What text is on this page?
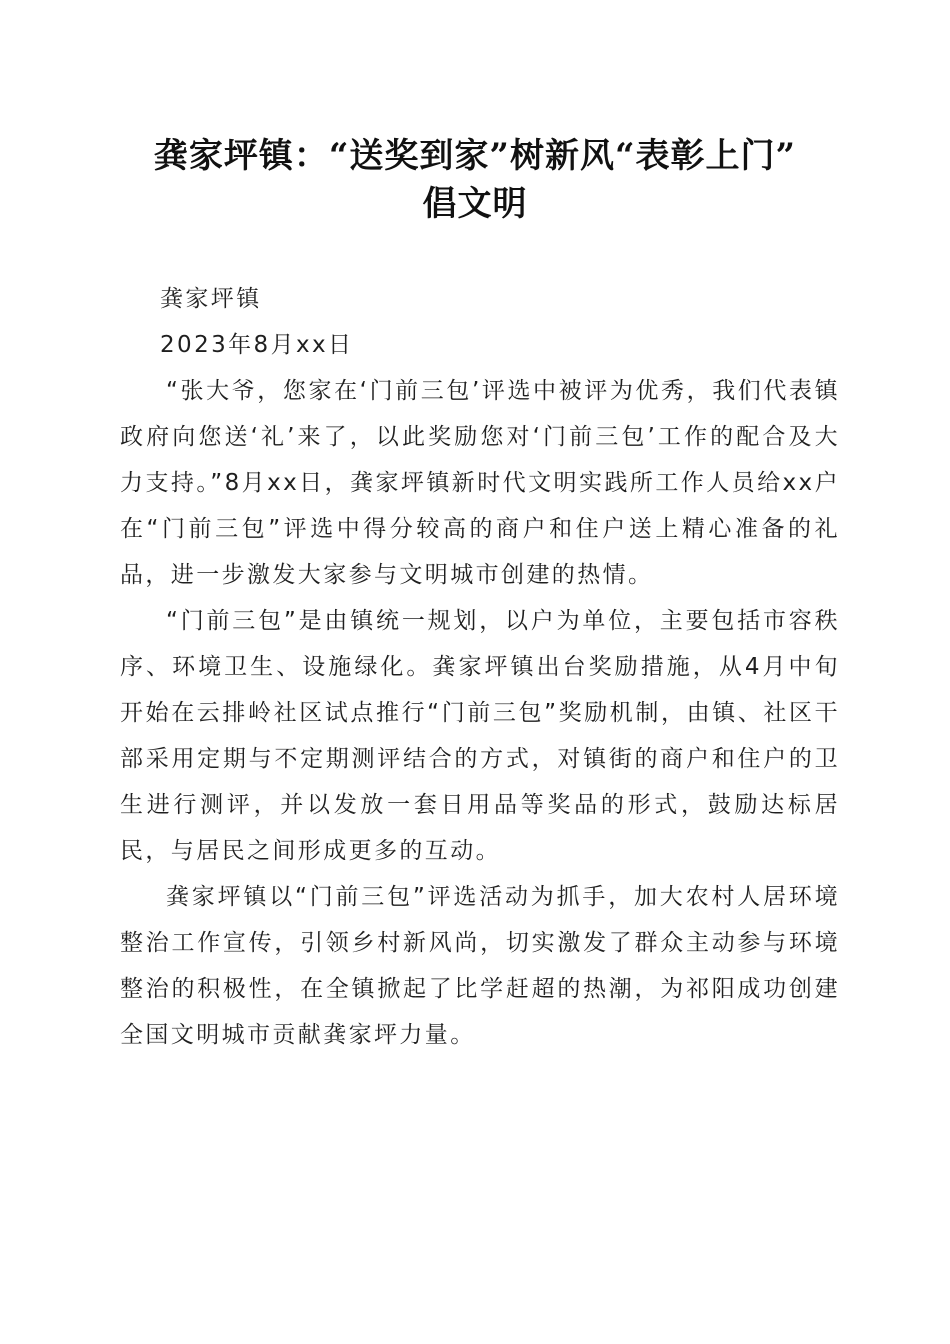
龚家坪镇：“送奖到家”树新风“表彰上门”
倡文明

龚家坪镇

2023年8月xx日

“张大爷，您家在‘门前三包’评选中被评为优秀，我们代表镇政府向您送‘礼’来了，以此奖励您对‘门前三包’工作的配合及大力支持。”8月xx日，龚家坪镇新时代文明实践所工作人员给xx户在“门前三包”评选中得分较高的商户和住户送上精心准备的礼品，进一步激发大家参与文明城市创建的热情。

“门前三包”是由镇统一规划，以户为单位，主要包括市容秩序、环境卫生、设施绿化。龚家坪镇出台奖励措施，从4月中旬开始在云排岭社区试点推行“门前三包”奖励机制，由镇、社区干部采用定期与不定期测评结合的方式，对镇街的商户和住户的卫生进行测评，并以发放一套日用品等奖品的形式，鼓励达标居民，与居民之间形成更多的互动。

龚家坪镇以“门前三包”评选活动为抓手，加大农村人居环境整治工作宣传，引领乡村新风尚，切实激发了群众主动参与环境整治的积极性，在全镇掀起了比学赶超的热潮，为祁阳成功创建全国文明城市贡献龚家坪力量。
